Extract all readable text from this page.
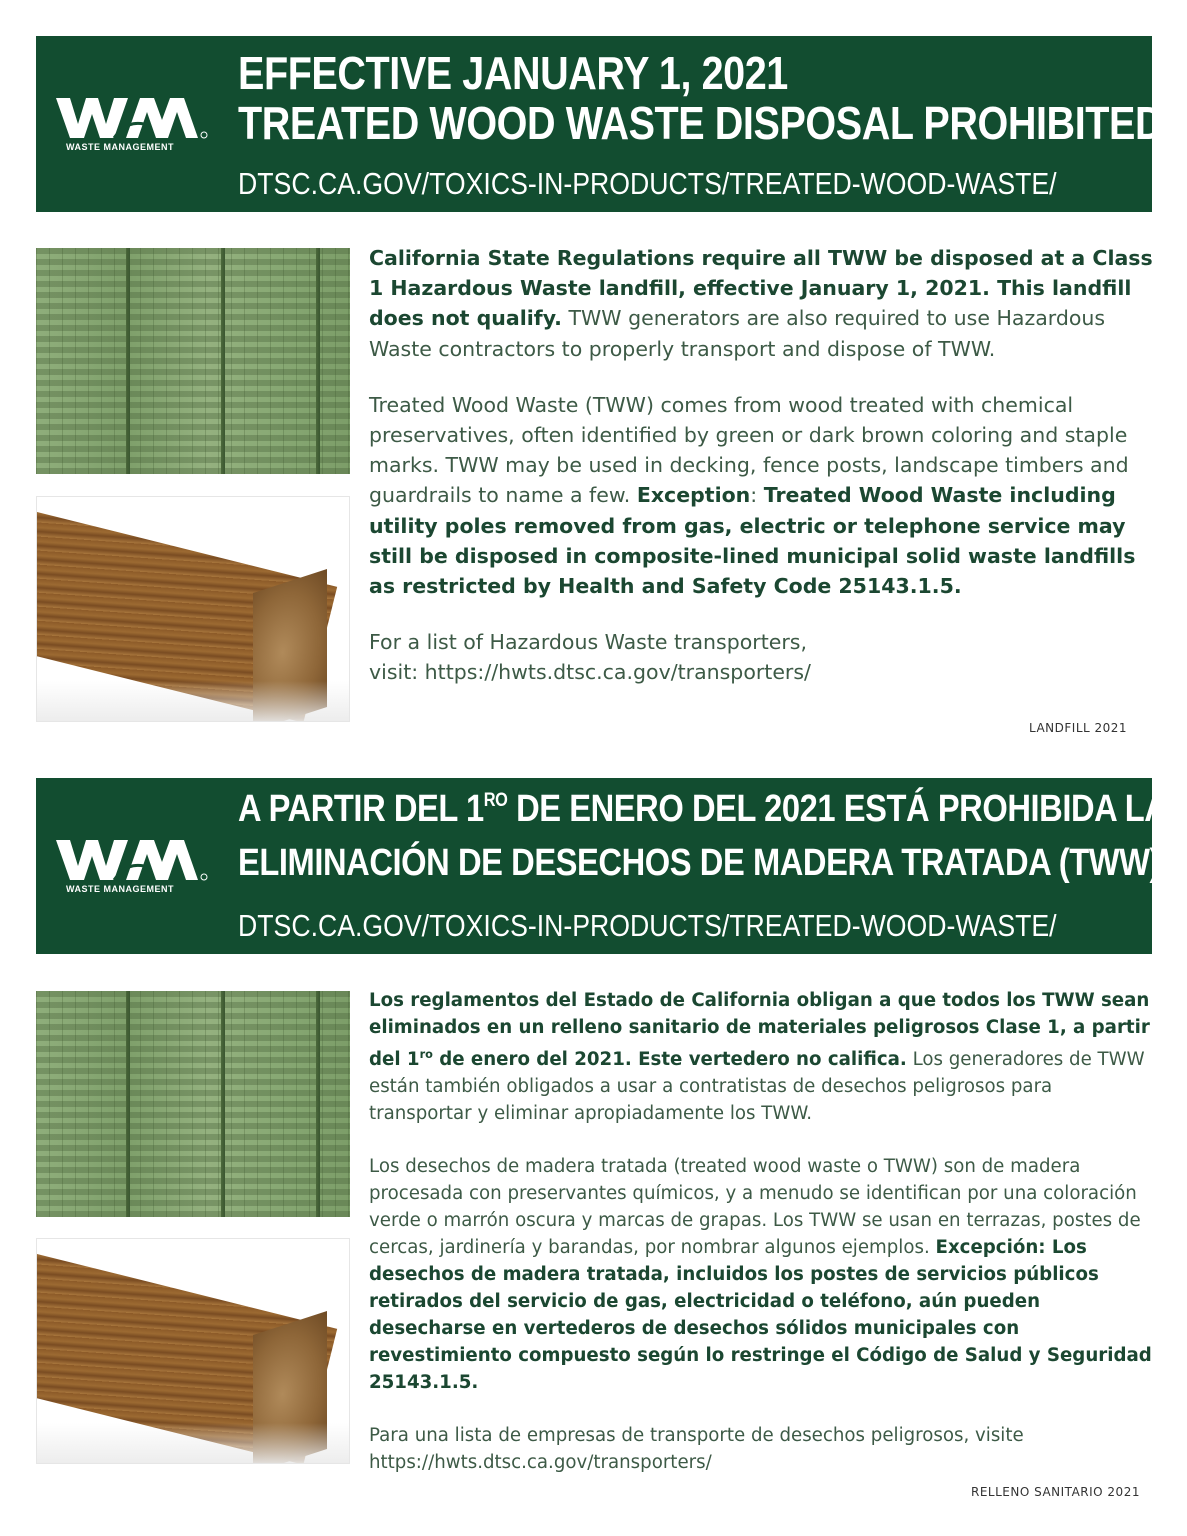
WASTE MANAGEMENT
EFFECTIVE JANUARY 1, 2021
TREATED WOOD WASTE DISPOSAL PROHIBITED
DTSC.CA.GOV/TOXICS-IN-PRODUCTS/TREATED-WOOD-WASTE/

California State Regulations require all TWW be disposed at a Class 1 Hazardous Waste landfill, effective January 1, 2021. This landfill does not qualify. TWW generators are also required to use Hazardous Waste contractors to properly transport and dispose of TWW.

Treated Wood Waste (TWW) comes from wood treated with chemical preservatives, often identified by green or dark brown coloring and staple marks. TWW may be used in decking, fence posts, landscape timbers and guardrails to name a few. Exception: Treated Wood Waste including utility poles removed from gas, electric or telephone service may still be disposed in composite-lined municipal solid waste landfills as restricted by Health and Safety Code 25143.1.5.

For a list of Hazardous Waste transporters,
visit: https://hwts.dtsc.ca.gov/transporters/

LANDFILL 2021
WASTE MANAGEMENT
A PARTIR DEL $1^{RO}$ DE ENERO DEL 2021 ESTÁ PROHIBIDA LA
ELIMINACIÓN DE DESECHOS DE MADERA TRATADA (TWW)
DTSC.CA.GOV/TOXICS-IN-PRODUCTS/TREATED-WOOD-WASTE/

Los reglamentos del Estado de California obligan a que todos los TWW sean eliminados en un relleno sanitario de materiales peligrosos Clase 1, a partir del $1^{ro}$ de enero del 2021. Este vertedero no califica. Los generadores de TWW están también obligados a usar a contratistas de desechos peligrosos para transportar y eliminar apropiadamente los TWW.

Los desechos de madera tratada (treated wood waste o TWW) son de madera procesada con preservantes químicos, y a menudo se identifican por una coloración verde o marrón oscura y marcas de grapas. Los TWW se usan en terrazas, postes de cercas, jardinería y barandas, por nombrar algunos ejemplos. Excepción: Los desechos de madera tratada, incluidos los postes de servicios públicos retirados del servicio de gas, electricidad o teléfono, aún pueden desecharse en vertederos de desechos sólidos municipales con revestimiento compuesto según lo restringe el Código de Salud y Seguridad 25143.1.5.

Para una lista de empresas de transporte de desechos peligrosos, visite
https://hwts.dtsc.ca.gov/transporters/

RELLENO SANITARIO 2021
